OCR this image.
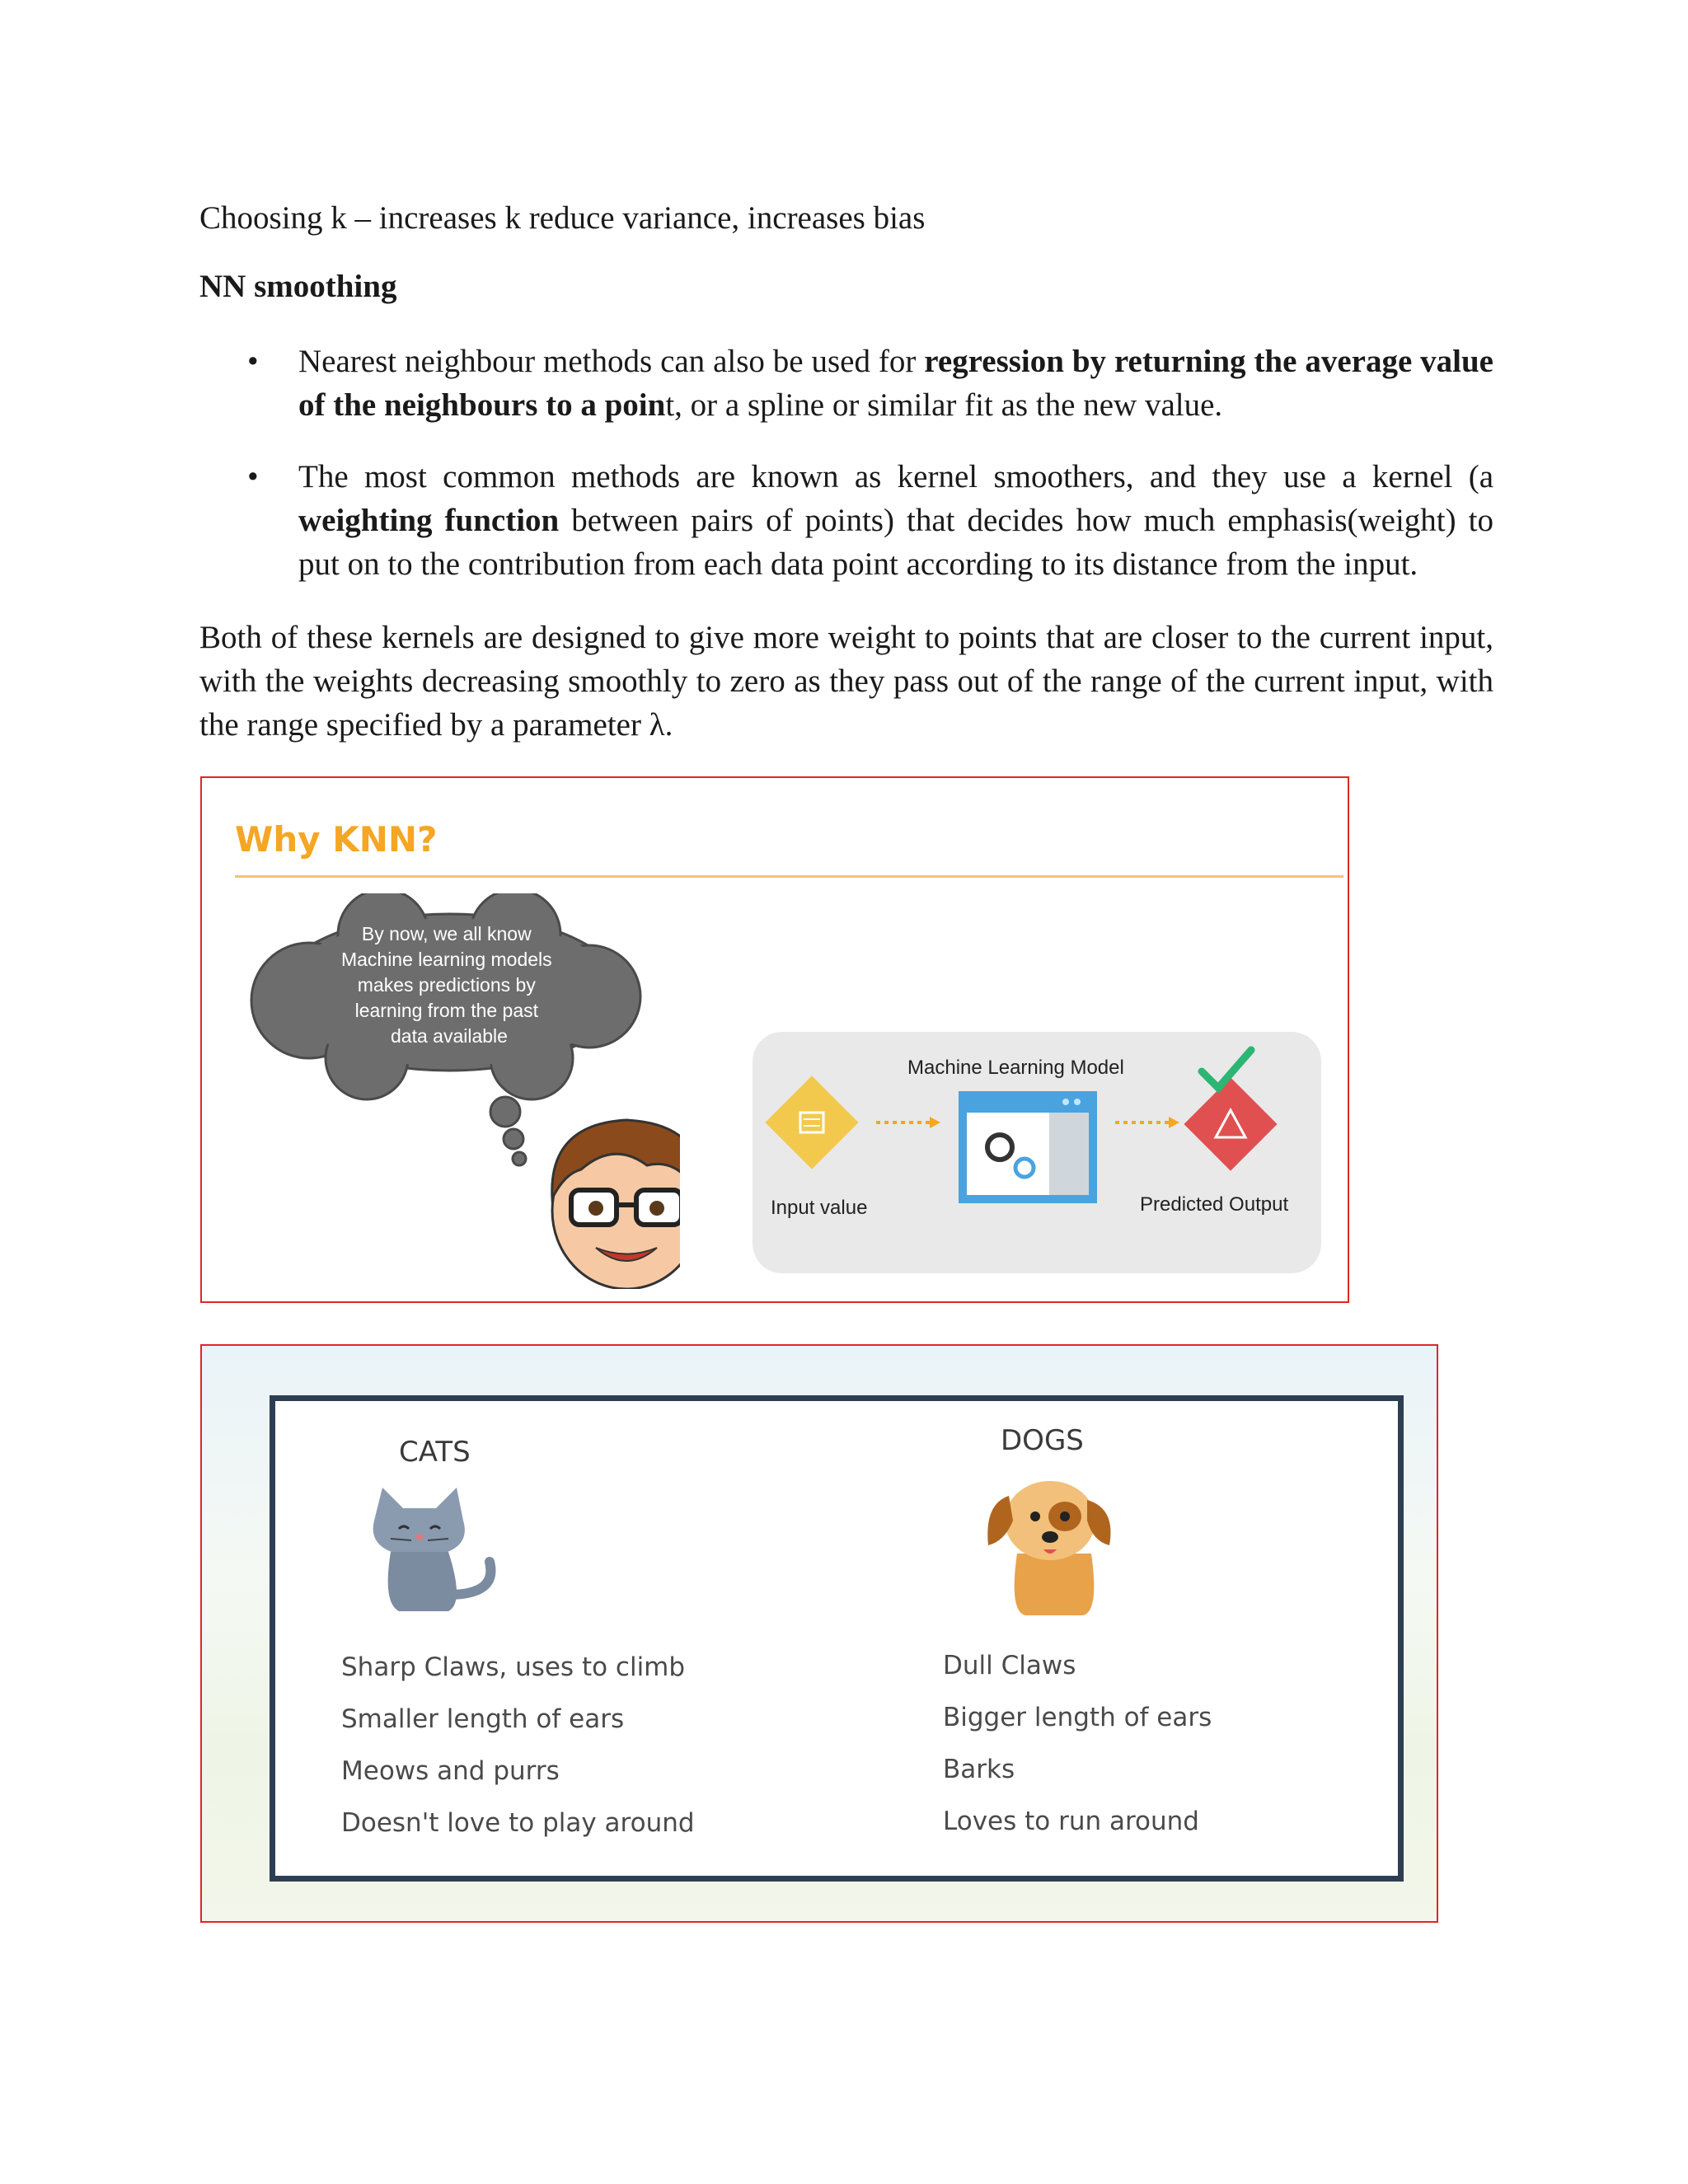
Choosing k – increases k reduce variance, increases bias

NN smoothing

• Nearest neighbour methods can also be used for regression by returning the average value of the neighbours to a point, or a spline or similar fit as the new value.
• The most common methods are known as kernel smoothers, and they use a kernel (a weighting function between pairs of points) that decides how much emphasis(weight) to put on to the contribution from each data point according to its distance from the input.

Both of these kernels are designed to give more weight to points that are closer to the current input, with the weights decreasing smoothly to zero as they pass out of the range of the current input, with the range specified by a parameter λ.

Why KNN?
By now, we all know Machine learning models makes predictions by learning from the past data available
Machine Learning Model
Input value	Predicted Output
CATS	DOGS
Sharp Claws, uses to climb
Smaller length of ears
Meows and purrs
Doesn't love to play around
Dull Claws
Bigger length of ears
Barks
Loves to run around
